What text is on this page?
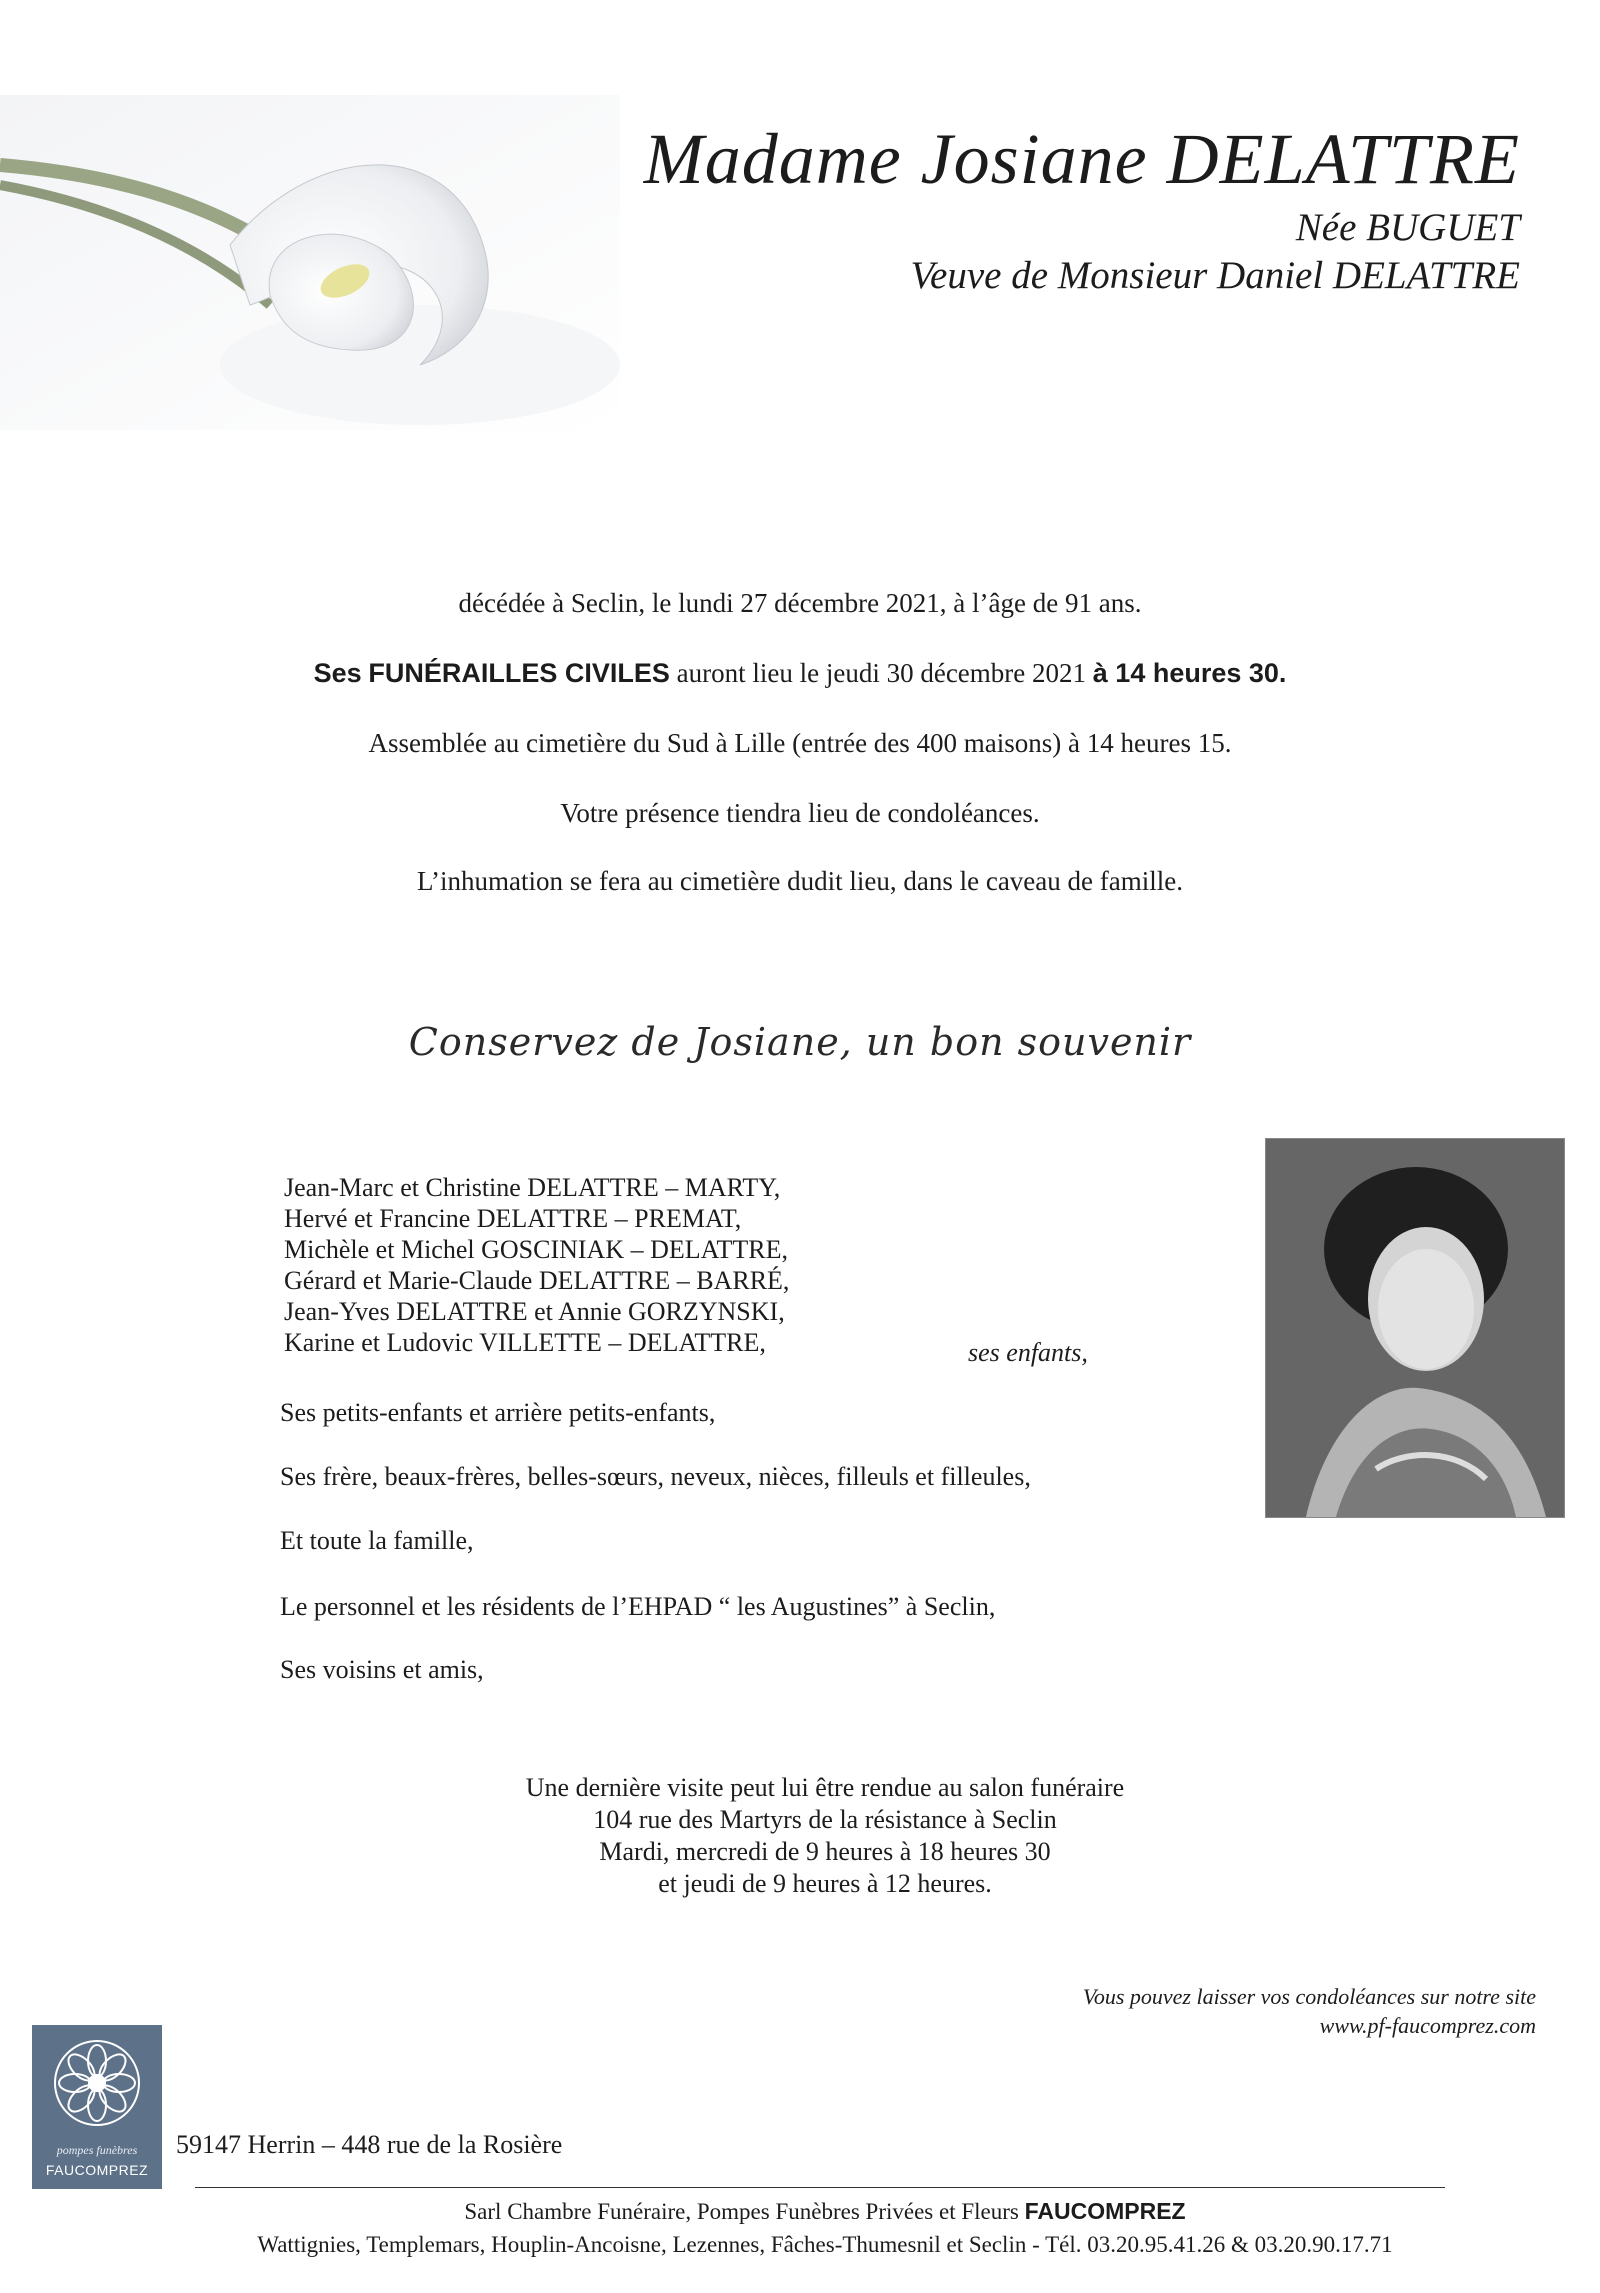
Madame Josiane DELATTRE
Née BUGUET
Veuve de Monsieur Daniel DELATTRE
décédée à Seclin, le lundi 27 décembre 2021, à l’âge de 91 ans.
Ses FUNÉRAILLES CIVILES auront lieu le jeudi 30 décembre 2021 à 14 heures 30.
Assemblée au cimetière du Sud à Lille (entrée des 400 maisons) à 14 heures 15.
Votre présence tiendra lieu de condoléances.
L’inhumation se fera au cimetière dudit lieu, dans le caveau de famille.
Conservez de Josiane, un bon souvenir
Jean-Marc et Christine DELATTRE – MARTY,
Hervé et Francine DELATTRE – PREMAT,
Michèle et Michel GOSCINIAK – DELATTRE,
Gérard et Marie-Claude DELATTRE – BARRÉ,
Jean-Yves DELATTRE et Annie GORZYNSKI,
Karine et Ludovic VILLETTE – DELATTRE,	ses enfants,
Ses petits-enfants et arrière petits-enfants,
Ses frère, beaux-frères, belles-sœurs, neveux, nièces, filleuls et filleules,
Et toute la famille,
Le personnel et les résidents de l’EHPAD “ les Augustines” à Seclin,
Ses voisins et amis,
Une dernière visite peut lui être rendue au salon funéraire
104 rue des Martyrs de la résistance à Seclin
Mardi, mercredi de 9 heures à 18 heures 30
et jeudi de 9 heures à 12 heures.
Vous pouvez laisser vos condoléances sur notre site
www.pf-faucomprez.com
pompes funèbres
FAUCOMPREZ
59147 Herrin – 448 rue de la Rosière
Sarl Chambre Funéraire, Pompes Funèbres Privées et Fleurs FAUCOMPREZ
Wattignies, Templemars, Houplin-Ancoisne, Lezennes, Fâches-Thumesnil et Seclin - Tél. 03.20.95.41.26 & 03.20.90.17.71
